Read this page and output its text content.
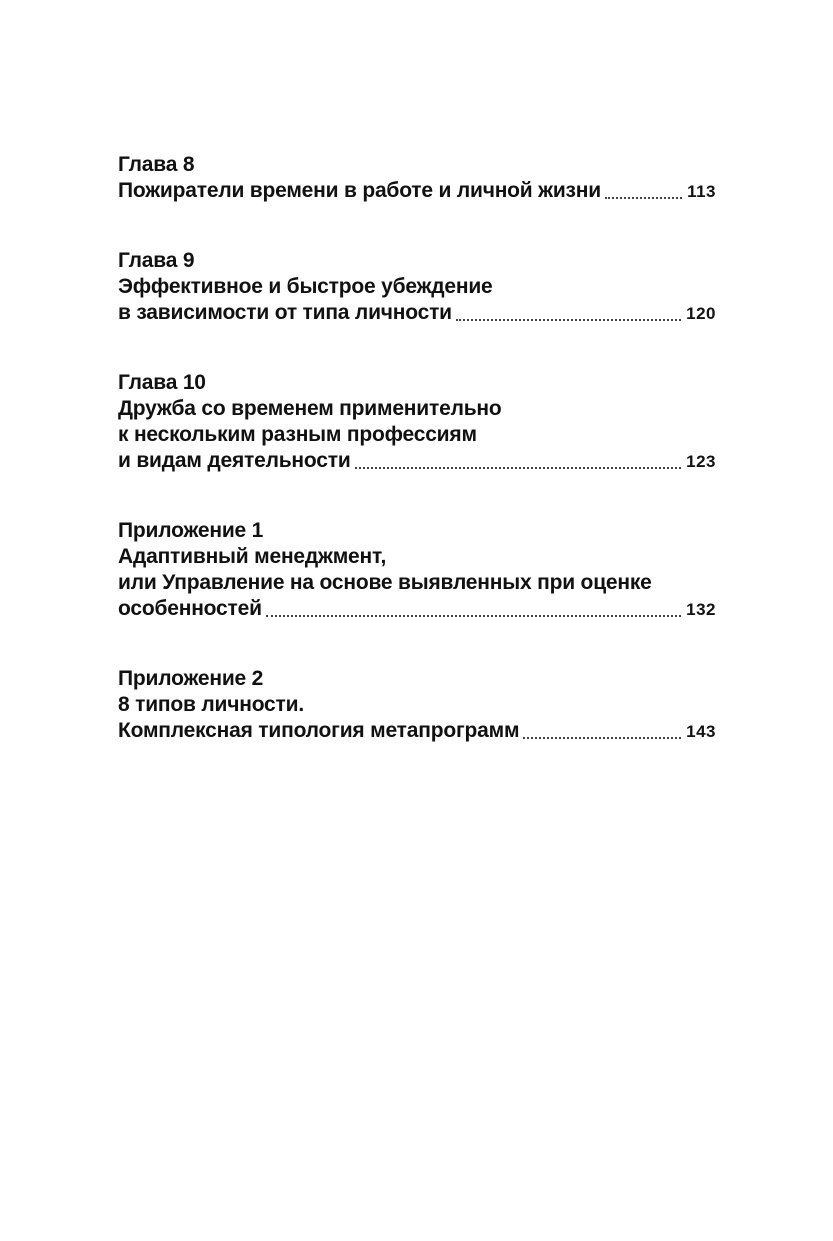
Глава 8
Пожиратели времени в работе и личной жизни	113
Глава 9
Эффективное и быстрое убеждение
в зависимости от типа личности	120
Глава 10
Дружба со временем применительно
к нескольким разным профессиям
и видам деятельности	123
Приложение 1
Адаптивный менеджмент,
или Управление на основе выявленных при оценке
особенностей	132
Приложение 2
8 типов личности.
Комплексная типология метапрограмм	143
